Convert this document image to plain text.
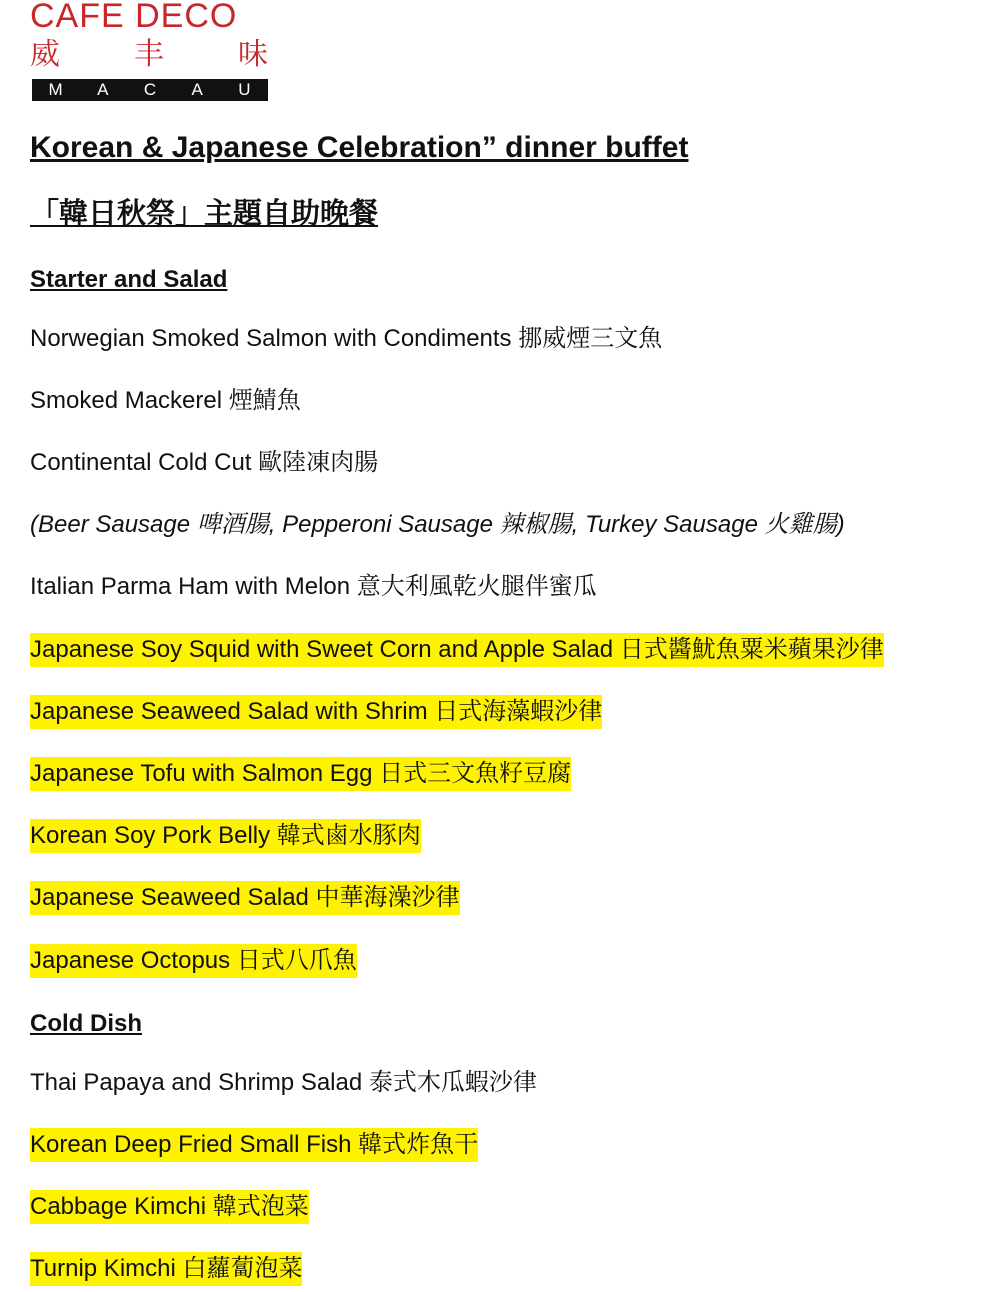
CAFE DECO
威 丰 味
M A C A U
Korean & Japanese Celebration” dinner buffet
「韓日秋祭」主題自助晚餐
Starter and Salad
Norwegian Smoked Salmon with Condiments 挪威煙三文魚
Smoked Mackerel 煙鯖魚
Continental Cold Cut 歐陸凍肉腸
(Beer Sausage 啤酒腸, Pepperoni Sausage 辣椒腸, Turkey Sausage 火雞腸)
Italian Parma Ham with Melon 意大利風乾火腿伴蜜瓜
Japanese Soy Squid with Sweet Corn and Apple Salad 日式醬魷魚粟米蘋果沙律
Japanese Seaweed Salad with Shrim 日式海藻蝦沙律
Japanese Tofu with Salmon Egg 日式三文魚籽豆腐
Korean Soy Pork Belly 韓式鹵水豚肉
Japanese Seaweed Salad 中華海澡沙律
Japanese Octopus 日式八爪魚
Cold Dish
Thai Papaya and Shrimp Salad 泰式木瓜蝦沙律
Korean Deep Fried Small Fish 韓式炸魚干
Cabbage Kimchi 韓式泡菜
Turnip Kimchi 白蘿蔔泡菜
